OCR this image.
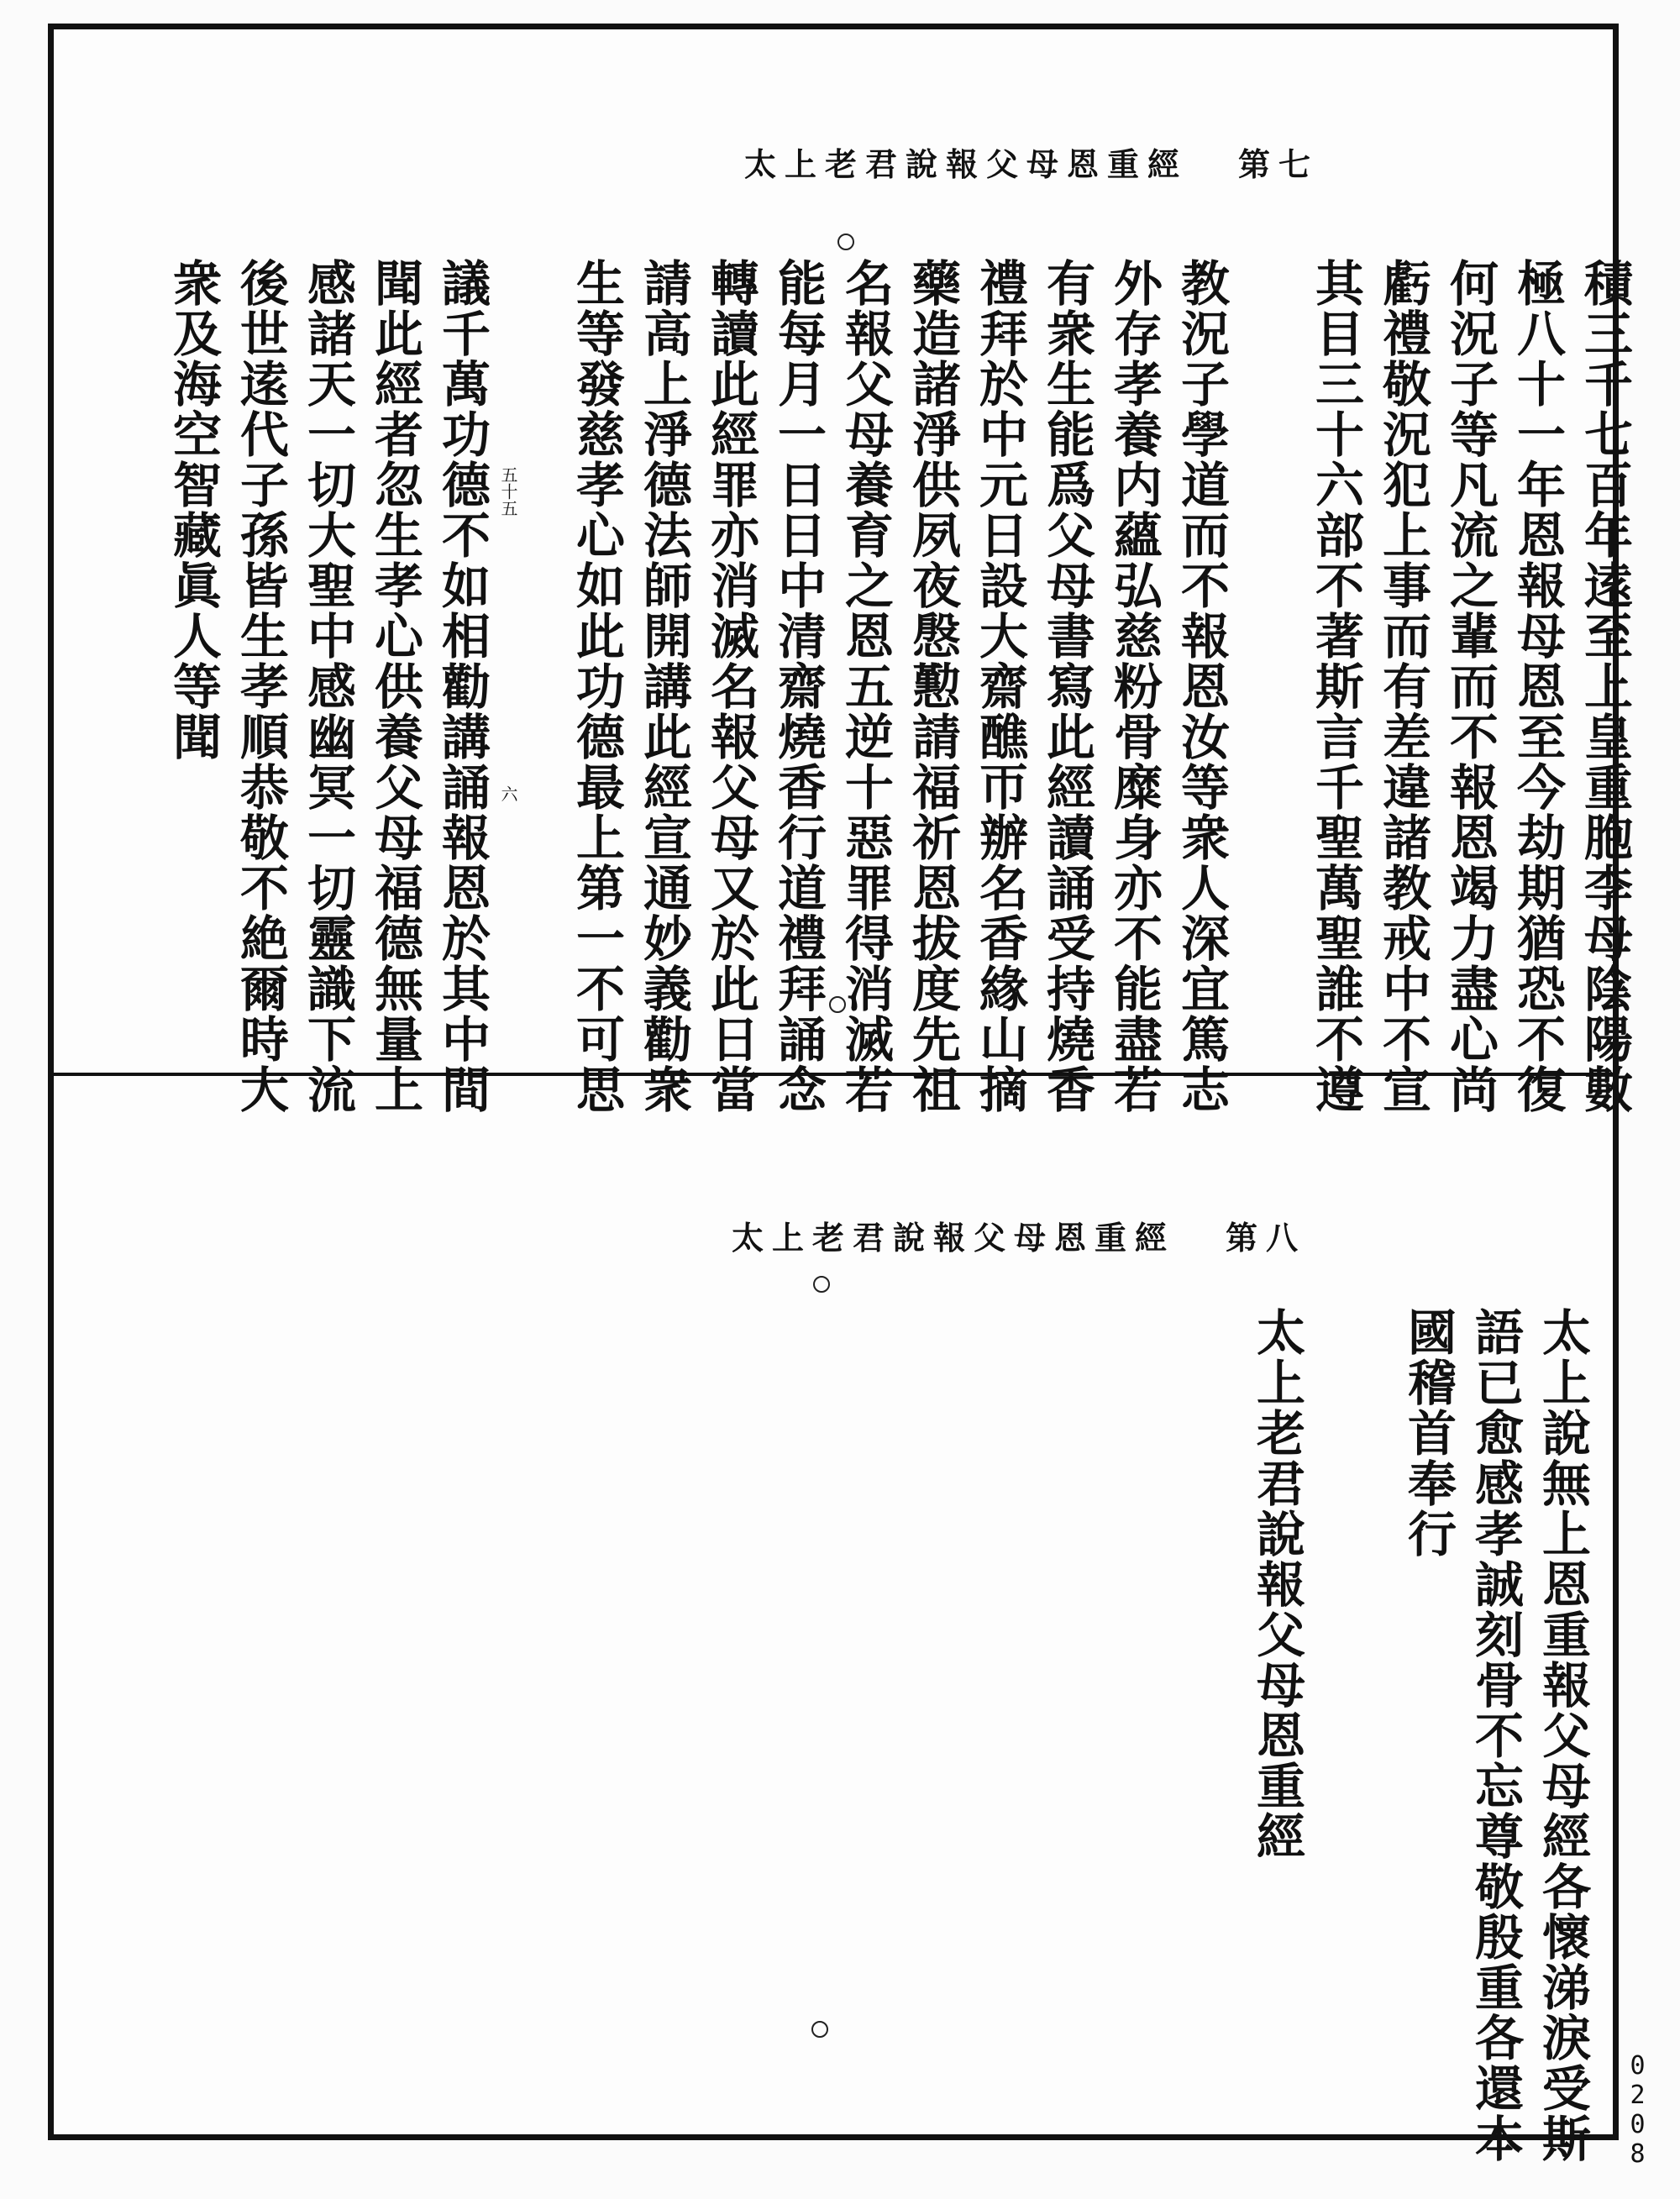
太上老君說報父母恩重經 第七
積三千七百年逺至上皇重胞李母陰陽數
極八十一年恩報母恩至今劫期猶恐不復
何況子等凡流之輩而不報恩竭力盡心尚
虧禮敬況犯上事而有差違諸教戒中不宣
其目三十六部不著斯言千聖萬聖誰不遵
教況子學道而不報恩汝等衆人深宜篤志
外存孝養内蘊弘慈粉骨糜身亦不能盡若
有衆生能爲父母書寫此經讀誦受持燒香
禮拜於中元日設大齋醮帀辦名香緣山摘
藥造諸淨供夙夜慇懃請福祈恩拔度先祖
名報父母養育之恩五逆十惡罪得消滅若
能每月一日日中清齋燒香行道禮拜誦念
轉讀此經罪亦消滅名報父母又於此日當
請高上淨德法師開講此經宣通妙義勸衆
生等發慈孝心如此功德最上第一不可思
議千萬功德不如相勸講誦報恩於其中間
聞此經者忽生孝心供養父母福德無量上
感諸天一切大聖中感幽冥一切靈識下流
後世逺代子孫皆生孝順恭敬不絶爾時大
衆及海空智藏眞人等聞	五十五
六
太上老君說報父母恩重經 第八
太上說無上恩重報父母經各懷涕淚受斯
語已愈感孝誠刻骨不忘尊敬殷重各還本
國稽首奉行
太上老君說報父母恩重經
0208
